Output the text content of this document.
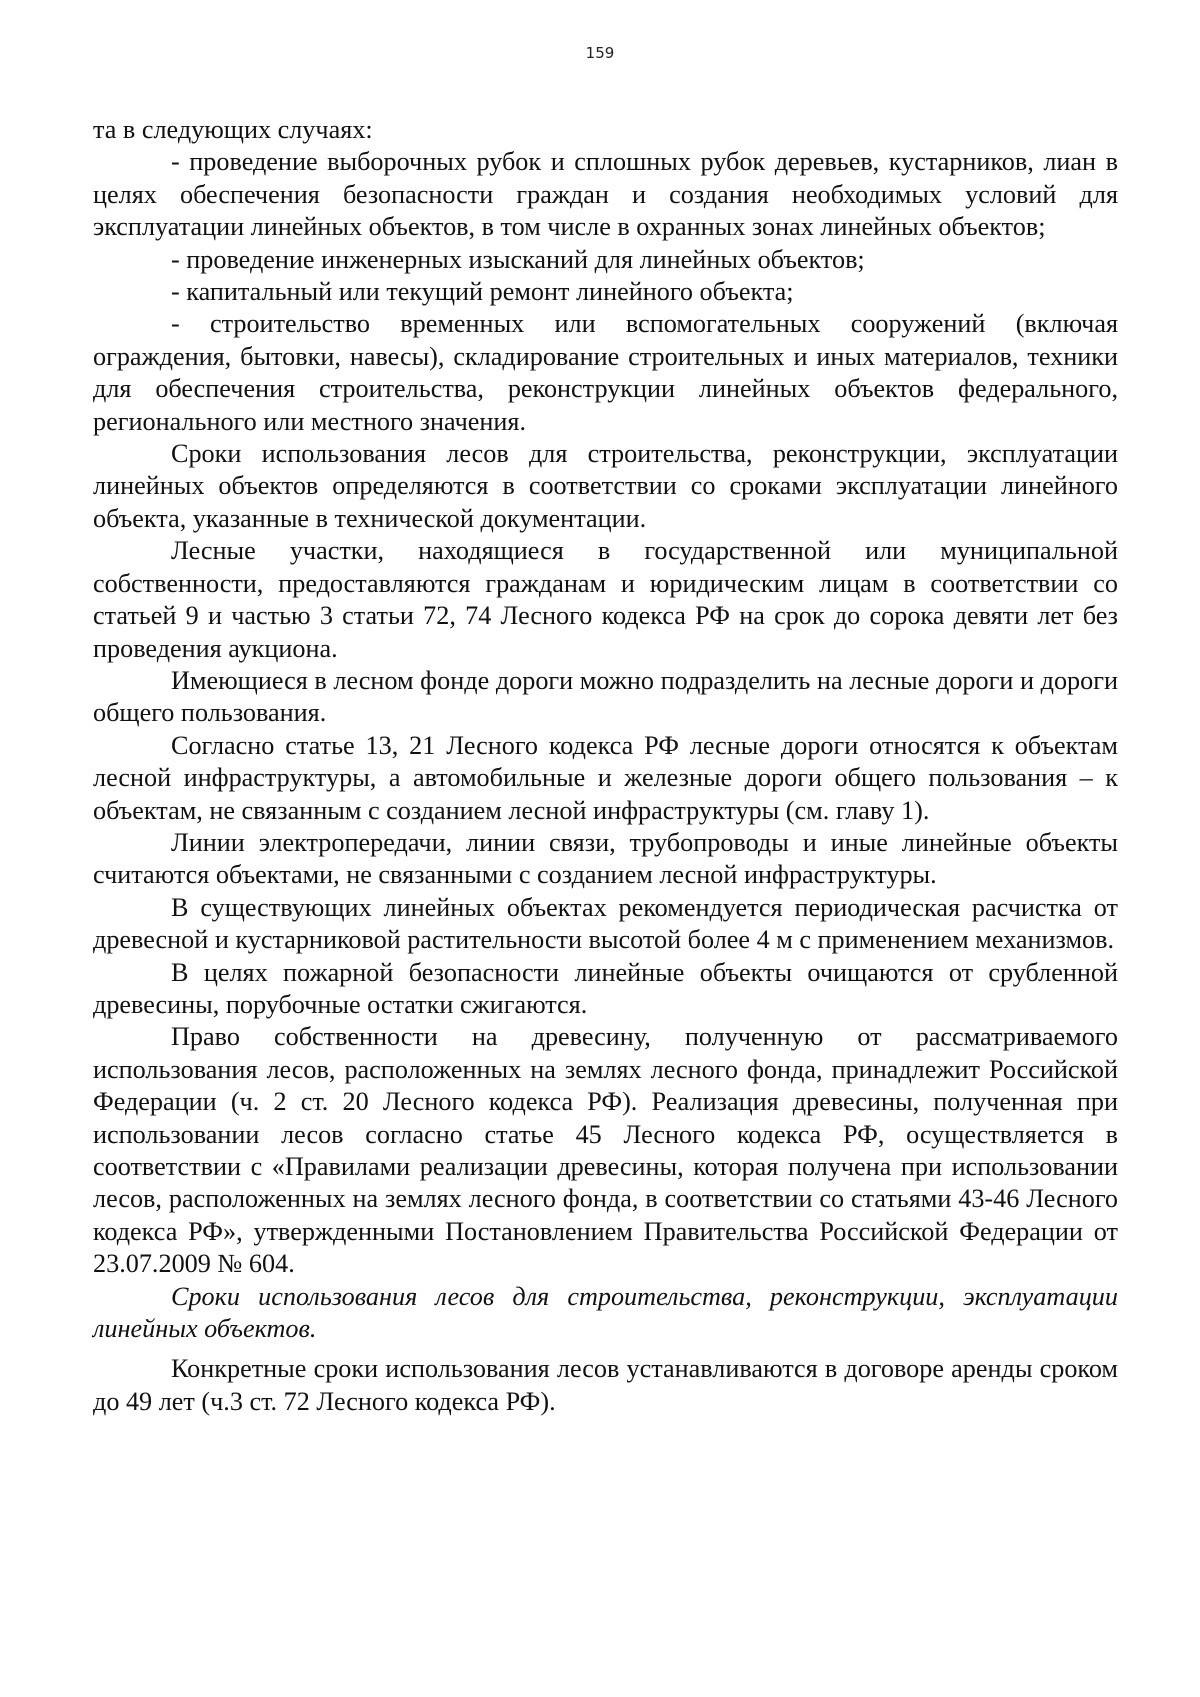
159

та в следующих случаях:

- проведение выборочных рубок и сплошных рубок деревьев, кустарников, лиан в целях обеспечения безопасности граждан и создания необходимых условий для эксплуатации линейных объектов, в том числе в охранных зонах линейных объектов;

- проведение инженерных изысканий для линейных объектов;

- капитальный или текущий ремонт линейного объекта;

- строительство временных или вспомогательных сооружений (включая ограждения, бытовки, навесы), складирование строительных и иных материалов, техники для обеспечения строительства, реконструкции линейных объектов федерального, регионального или местного значения.

Сроки использования лесов для строительства, реконструкции, эксплуатации линейных объектов определяются в соответствии со сроками эксплуатации линейного объекта, указанные в технической документации.

Лесные участки, находящиеся в государственной или муниципальной собственности, предоставляются гражданам и юридическим лицам в соответствии со статьей 9 и частью 3 статьи 72, 74 Лесного кодекса РФ на срок до сорока девяти лет без проведения аукциона.

Имеющиеся в лесном фонде дороги можно подразделить на лесные дороги и дороги общего пользования.

Согласно статье 13, 21 Лесного кодекса РФ лесные дороги относятся к объектам лесной инфраструктуры, а автомобильные и железные дороги общего пользования – к объектам, не связанным с созданием лесной инфраструктуры (см. главу 1).

Линии электропередачи, линии связи, трубопроводы и иные линейные объекты считаются объектами, не связанными с созданием лесной инфраструктуры.

В существующих линейных объектах рекомендуется периодическая расчистка от древесной и кустарниковой растительности высотой более 4 м с применением механизмов.

В целях пожарной безопасности линейные объекты очищаются от срубленной древесины, порубочные остатки сжигаются.

Право собственности на древесину, полученную от рассматриваемого использования лесов, расположенных на землях лесного фонда, принадлежит Российской Федерации (ч. 2 ст. 20 Лесного кодекса РФ). Реализация древесины, полученная при использовании лесов согласно статье 45 Лесного кодекса РФ, осуществляется в соответствии с «Правилами реализации древесины, которая получена при использовании лесов, расположенных на землях лесного фонда, в соответствии со статьями 43-46 Лесного кодекса РФ», утвержденными Постановлением Правительства Российской Федерации от 23.07.2009 № 604.

Сроки использования лесов для строительства, реконструкции, эксплуатации линейных объектов.

Конкретные сроки использования лесов устанавливаются в договоре аренды сроком до 49 лет (ч.3 ст. 72 Лесного кодекса РФ).
